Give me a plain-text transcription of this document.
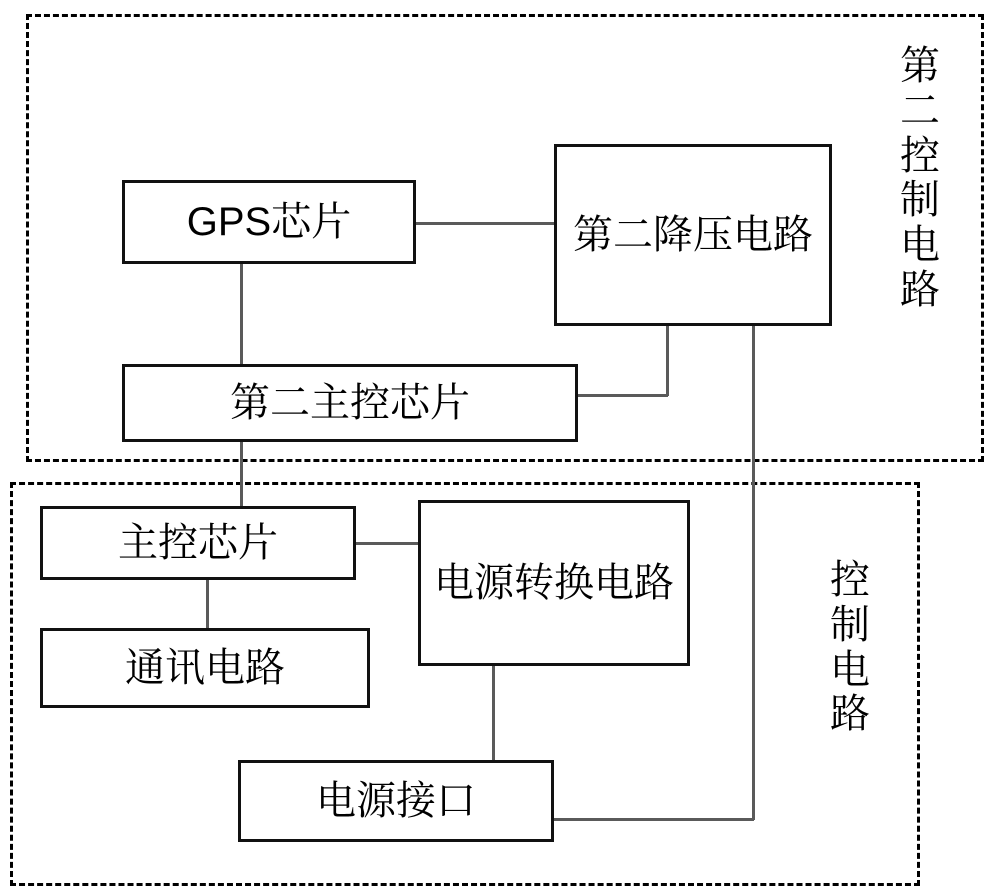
第二控制电路
控制电路
GPS芯片	第二降压电路
第二主控芯片
主控芯片
电源转换电路
通讯电路
电源接口
